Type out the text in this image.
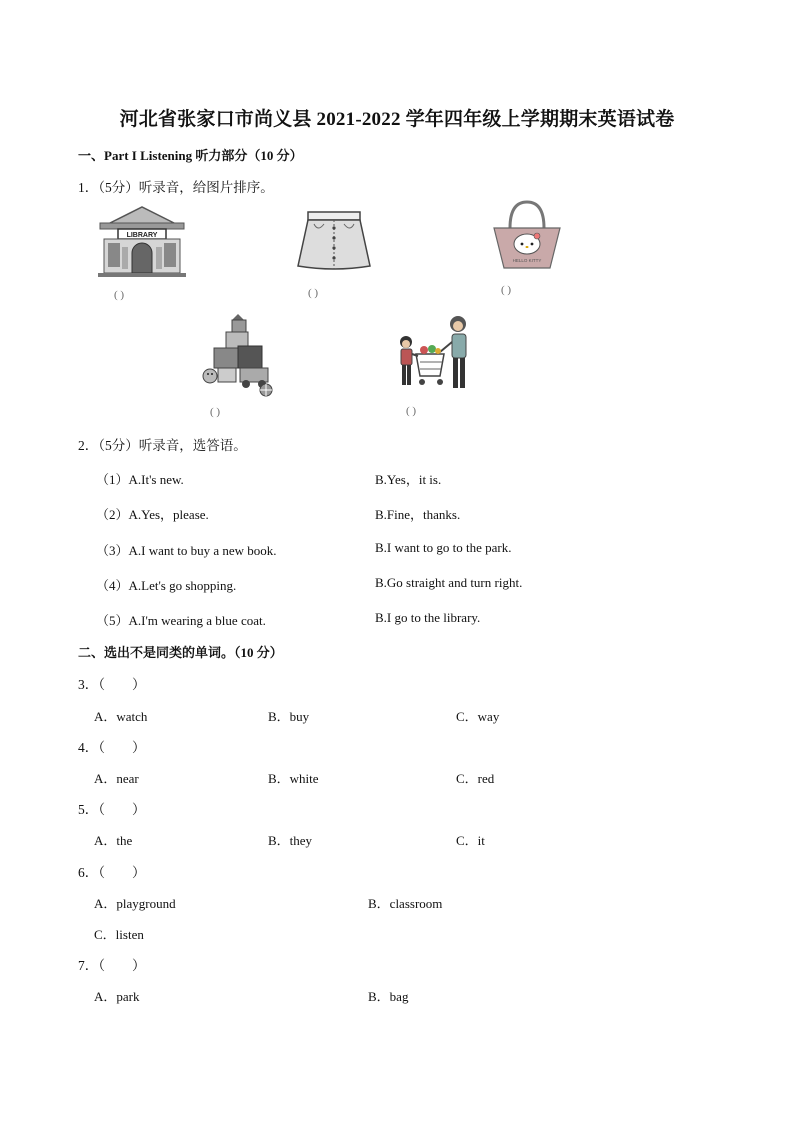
河北省张家口市尚义县 2021-2022 学年四年级上学期期末英语试卷
一、Part I Listening 听力部分（10 分）
1．（5分）听录音，给图片排序。
LIBRARY
( )	( )
HELLO KITTY
( )
( )	( )
2．（5分）听录音，选答语。
（1）A.It's new.	B.Yes，it is.
（2）A.Yes，please.	B.Fine，thanks.
（3）A.I want to buy a new book.	B.I want to go to the park.
（4）A.Let's go shopping.	B.Go straight and turn right.
（5）A.I'm wearing a blue coat.	B.I go to the library.
二、选出不是同类的单词。（10 分）
3．（　　）
A．watch	B．buy	C．way
4．（　　）
A．near	B．white	C．red
5．（　　）
A．the	B．they	C．it
6．（　　）
A．playground	B．classroom
C．listen
7．（　　）
A．park	B．bag
